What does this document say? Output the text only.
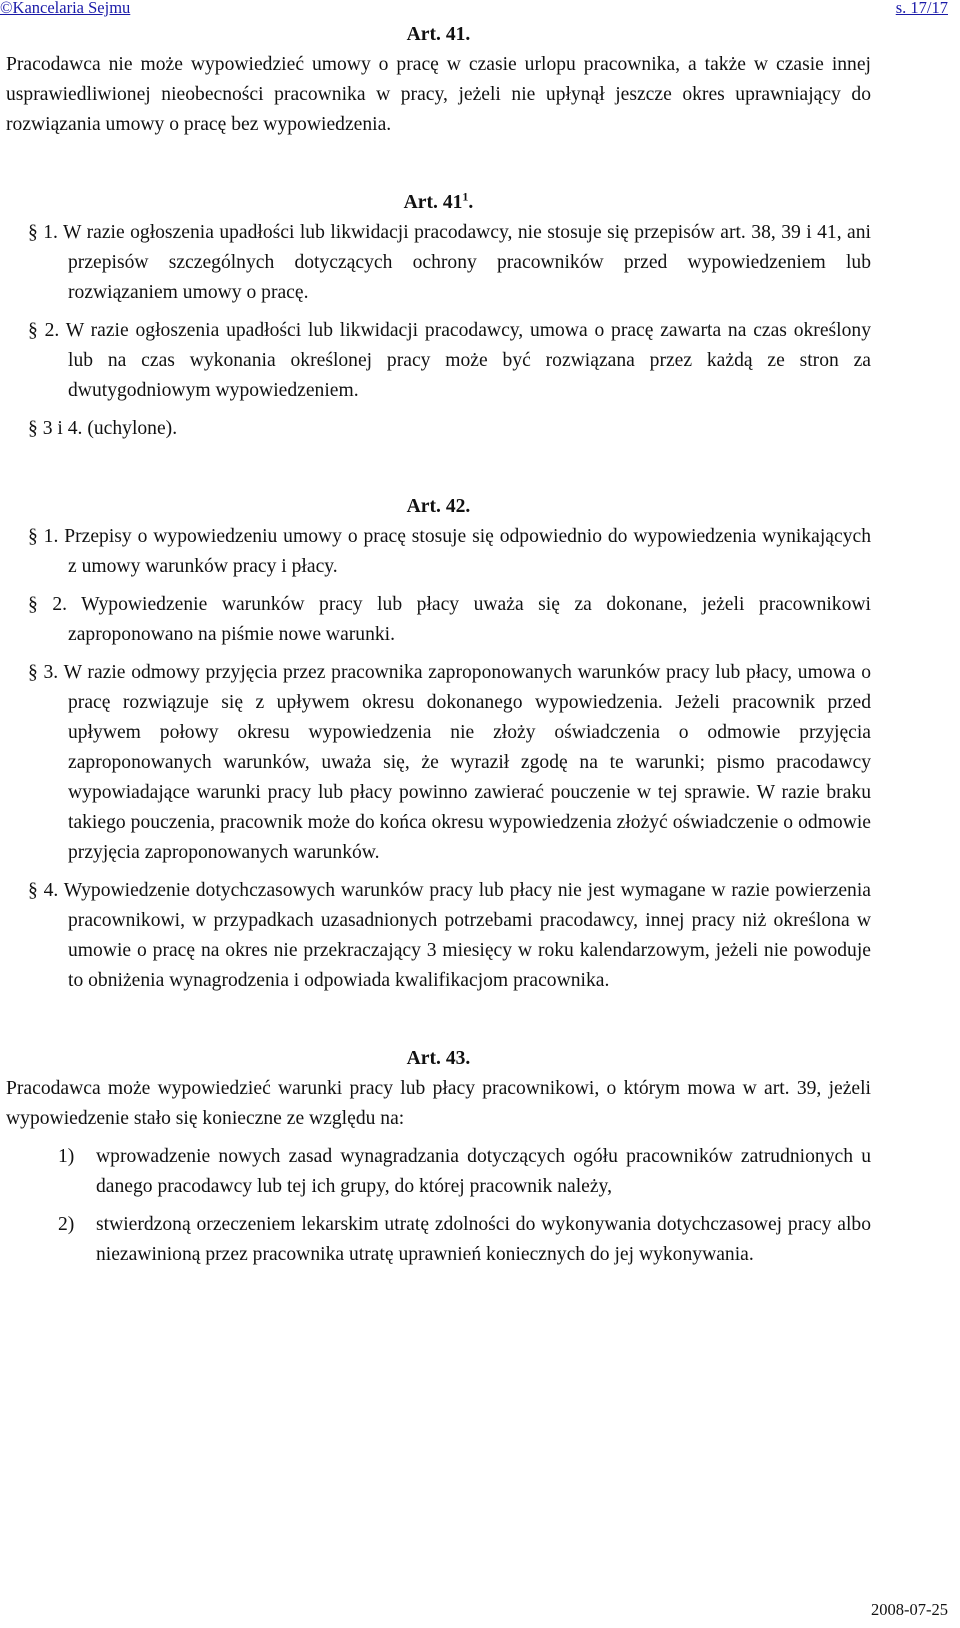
©Kancelaria Sejmu	s. 17/17

Art. 41.

Pracodawca nie może wypowiedzieć umowy o pracę w czasie urlopu pracownika, a także w czasie innej usprawiedliwionej nieobecności pracownika w pracy, jeżeli nie upłynął jeszcze okres uprawniający do rozwiązania umowy o pracę bez wypowiedzenia.

Art. $41^1$.

§ 1. W razie ogłoszenia upadłości lub likwidacji pracodawcy, nie stosuje się przepisów art. 38, 39 i 41, ani przepisów szczególnych dotyczących ochrony pracowników przed wypowiedzeniem lub rozwiązaniem umowy o pracę.

§ 2. W razie ogłoszenia upadłości lub likwidacji pracodawcy, umowa o pracę zawarta na czas określony lub na czas wykonania określonej pracy może być rozwiązana przez każdą ze stron za dwutygodniowym wypowiedzeniem.

§ 3 i 4. (uchylone).

Art. 42.

§ 1. Przepisy o wypowiedzeniu umowy o pracę stosuje się odpowiednio do wypowiedzenia wynikających z umowy warunków pracy i płacy.

§ 2. Wypowiedzenie warunków pracy lub płacy uważa się za dokonane, jeżeli pracownikowi zaproponowano na piśmie nowe warunki.

§ 3. W razie odmowy przyjęcia przez pracownika zaproponowanych warunków pracy lub płacy, umowa o pracę rozwiązuje się z upływem okresu dokonanego wypowiedzenia. Jeżeli pracownik przed upływem połowy okresu wypowiedzenia nie złoży oświadczenia o odmowie przyjęcia zaproponowanych warunków, uważa się, że wyraził zgodę na te warunki; pismo pracodawcy wypowiadające warunki pracy lub płacy powinno zawierać pouczenie w tej sprawie. W razie braku takiego pouczenia, pracownik może do końca okresu wypowiedzenia złożyć oświadczenie o odmowie przyjęcia zaproponowanych warunków.

§ 4. Wypowiedzenie dotychczasowych warunków pracy lub płacy nie jest wymagane w razie powierzenia pracownikowi, w przypadkach uzasadnionych potrzebami pracodawcy, innej pracy niż określona w umowie o pracę na okres nie przekraczający 3 miesięcy w roku kalendarzowym, jeżeli nie powoduje to obniżenia wynagrodzenia i odpowiada kwalifikacjom pracownika.

Art. 43.

Pracodawca może wypowiedzieć warunki pracy lub płacy pracownikowi, o którym mowa w art. 39, jeżeli wypowiedzenie stało się konieczne ze względu na:

1)	wprowadzenie nowych zasad wynagradzania dotyczących ogółu pracowników zatrudnionych u danego pracodawcy lub tej ich grupy, do której pracownik należy,
2)	stwierdzoną orzeczeniem lekarskim utratę zdolności do wykonywania dotychczasowej pracy albo niezawinioną przez pracownika utratę uprawnień koniecznych do jej wykonywania.
2008-07-25
